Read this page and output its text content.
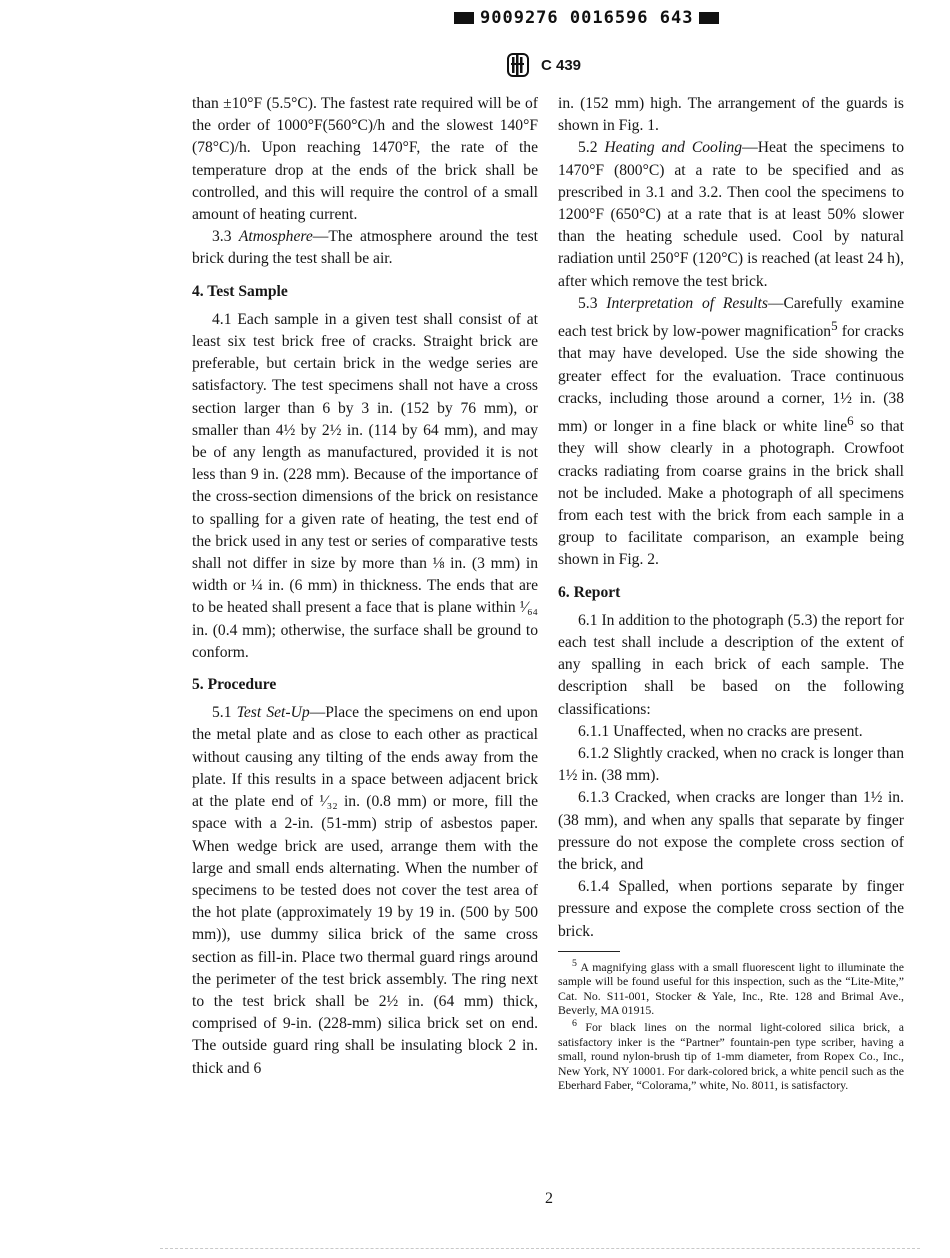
9009276 0016596 643
C 439

than ±10°F (5.5°C). The fastest rate required will be of the order of 1000°F(560°C)/h and the slowest 140°F (78°C)/h. Upon reaching 1470°F, the rate of the temperature drop at the ends of the brick shall be controlled, and this will require the control of a small amount of heating current.

3.3 Atmosphere—The atmosphere around the test brick during the test shall be air.

4. Test Sample

4.1 Each sample in a given test shall consist of at least six test brick free of cracks. Straight brick are preferable, but certain brick in the wedge series are satisfactory. The test specimens shall not have a cross section larger than 6 by 3 in. (152 by 76 mm), or smaller than 4½ by 2½ in. (114 by 64 mm), and may be of any length as manufactured, provided it is not less than 9 in. (228 mm). Because of the importance of the cross-section dimensions of the brick on resistance to spalling for a given rate of heating, the test end of the brick used in any test or series of comparative tests shall not differ in size by more than ⅛ in. (3 mm) in width or ¼ in. (6 mm) in thickness. The ends that are to be heated shall present a face that is plane within ¹⁄₆₄ in. (0.4 mm); otherwise, the surface shall be ground to conform.

5. Procedure

5.1 Test Set-Up—Place the specimens on end upon the metal plate and as close to each other as practical without causing any tilting of the ends away from the plate. If this results in a space between adjacent brick at the plate end of ¹⁄₃₂ in. (0.8 mm) or more, fill the space with a 2-in. (51-mm) strip of asbestos paper. When wedge brick are used, arrange them with the large and small ends alternating. When the number of specimens to be tested does not cover the test area of the hot plate (approximately 19 by 19 in. (500 by 500 mm)), use dummy silica brick of the same cross section as fill-in. Place two thermal guard rings around the perimeter of the test brick assembly. The ring next to the test brick shall be 2½ in. (64 mm) thick, comprised of 9-in. (228-mm) silica brick set on end. The outside guard ring shall be insulating block 2 in. thick and 6

in. (152 mm) high. The arrangement of the guards is shown in Fig. 1.

5.2 Heating and Cooling—Heat the specimens to 1470°F (800°C) at a rate to be specified and as prescribed in 3.1 and 3.2. Then cool the specimens to 1200°F (650°C) at a rate that is at least 50% slower than the heating schedule used. Cool by natural radiation until 250°F (120°C) is reached (at least 24 h), after which remove the test brick.

5.3 Interpretation of Results—Carefully examine each test brick by low-power magnification$^5$ for cracks that may have developed. Use the side showing the greater effect for the evaluation. Trace continuous cracks, including those around a corner, 1½ in. (38 mm) or longer in a fine black or white line$^6$ so that they will show clearly in a photograph. Crowfoot cracks radiating from coarse grains in the brick shall not be included. Make a photograph of all specimens from each test with the brick from each sample in a group to facilitate comparison, an example being shown in Fig. 2.

6. Report

6.1 In addition to the photograph (5.3) the report for each test shall include a description of the extent of any spalling in each brick of each sample. The description shall be based on the following classifications:

6.1.1 Unaffected, when no cracks are present.

6.1.2 Slightly cracked, when no crack is longer than 1½ in. (38 mm).

6.1.3 Cracked, when cracks are longer than 1½ in. (38 mm), and when any spalls that separate by finger pressure do not expose the complete cross section of the brick, and

6.1.4 Spalled, when portions separate by finger pressure and expose the complete cross section of the brick.

$^5$ A magnifying glass with a small fluorescent light to illuminate the sample will be found useful for this inspection, such as the “Lite-Mite,” Cat. No. S11-001, Stocker & Yale, Inc., Rte. 128 and Brimal Ave., Beverly, MA 01915.

$^6$ For black lines on the normal light-colored silica brick, a satisfactory inker is the “Partner” fountain-pen type scriber, having a small, round nylon-brush tip of 1-mm diameter, from Ropex Co., Inc., New York, NY 10001. For dark-colored brick, a white pencil such as the Eberhard Faber, “Colorama,” white, No. 8011, is satisfactory.

2
